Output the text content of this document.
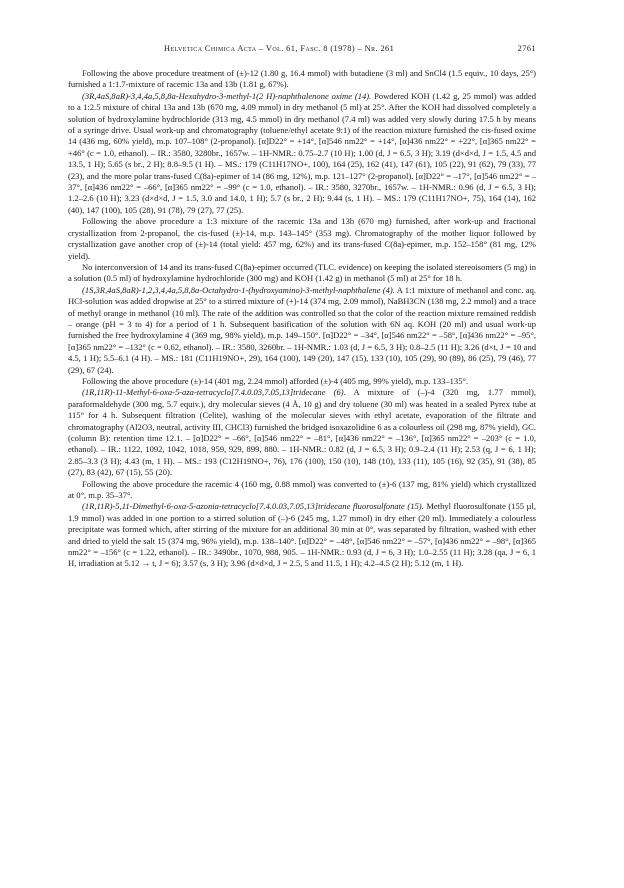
Helvetica Chimica Acta – Vol. 61, Fasc. 8 (1978) – Nr. 261	2761

Following the above procedure treatment of (±)-12 (1.80 g, 16.4 mmol) with butadiene (3 ml) and SnCl4 (1.5 equiv., 10 days, 25°) furnished a 1:1.7-mixture of racemic 13a and 13b (1.81 g, 67%).

(3R,4aS,8aR)-3,4,4a,5,8,8a-Hexahydro-3-methyl-1(2 H)-naphthalenone oxime (14). Powdered KOH (1.42 g, 25 mmol) was added to a 1:2.5 mixture of chiral 13a and 13b (670 mg, 4.09 mmol) in dry methanol (5 ml) at 25°. After the KOH had dissolved completely a solution of hydroxylamine hydrochloride (313 mg, 4.5 mmol) in dry methanol (7.4 ml) was added very slowly during 17.5 h by means of a syringe drive. Usual work-up and chromatography (toluene/ethyl acetate 9:1) of the reaction mixture furnished the cis-fused oxime 14 (436 mg, 60% yield), m.p. 107–108° (2-propanol). [α]D22° = +14°, [α]546 nm22° = +14°, [α]436 nm22° = +22°, [α]365 nm22° = +46° (c = 1.0, ethanol). – IR.: 3580, 3280br., 1657w. – 1H-NMR.: 0.75–2.7 (10 H); 1.00 (d, J = 6.5, 3 H); 3.19 (d×d×d, J = 1.5, 4.5 and 13.5, 1 H); 5.65 (s br., 2 H); 8.8–9.5 (1 H). – MS.: 179 (C11H17NO+, 100), 164 (25), 162 (41), 147 (61), 105 (22), 91 (62), 79 (33), 77 (23), and the more polar trans-fused C(8a)-epimer of 14 (86 mg, 12%), m.p. 121–127° (2-propanol). [α]D22° = –17°, [α]546 nm22° = –37°, [α]436 nm22° = –66°, [α]365 nm22° = –99° (c = 1.0, ethanol). – IR.: 3580, 3270br., 1657w. – 1H-NMR.: 0.96 (d, J = 6.5, 3 H); 1.2–2.6 (10 H); 3.23 (d×d×d, J = 1.5, 3.0 and 14.0, 1 H); 5.7 (s br., 2 H); 9.44 (s, 1 H). – MS.: 179 (C11H17NO+, 75), 164 (14), 162 (40), 147 (100), 105 (28), 91 (78), 79 (27), 77 (25).

Following the above procedure a 1:3 mixture of the racemic 13a and 13b (670 mg) furnished, after work-up and fractional crystallization from 2-propanol, the cis-fused (±)-14, m.p. 143–145° (353 mg). Chromatography of the mother liquor followed by crystallization gave another crop of (±)-14 (total yield: 457 mg, 62%) and its trans-fused C(8a)-epimer, m.p. 152–158° (81 mg, 12% yield).

No interconversion of 14 and its trans-fused C(8a)-epimer occurred (TLC. evidence) on keeping the isolated stereoisomers (5 mg) in a solution (0.5 ml) of hydroxylamine hydrochloride (300 mg) and KOH (1.42 g) in methanol (5 ml) at 25° for 18 h.

(1S,3R,4aS,8aR)-1,2,3,4,4a,5,8,8a-Octahydro-1-(hydroxyamino)-3-methyl-naphthalene (4). A 1:1 mixture of methanol and conc. aq. HCl-solution was added dropwise at 25° to a stirred mixture of (+)-14 (374 mg, 2.09 mmol), NaBH3CN (138 mg, 2.2 mmol) and a trace of methyl orange in methanol (10 ml). The rate of the addition was controlled so that the color of the reaction mixture remained reddish – orange (pH = 3 to 4) for a period of 1 h. Subsequent basification of the solution with 6N aq. KOH (20 ml) and usual work-up furnished the free hydroxylamine 4 (369 mg, 98% yield), m.p. 149–150°. [α]D22° = –34°, [α]546 nm22° = –58°, [α]436 nm22° = –95°, [α]365 nm22° = –132° (c = 0.62, ethanol). – IR.: 3580, 3260br. – 1H-NMR.: 1.03 (d, J = 6.5, 3 H); 0.8–2.5 (11 H); 3.26 (d×t, J = 10 and 4.5, 1 H); 5.5–6.1 (4 H). – MS.: 181 (C11H19NO+, 29), 164 (100), 149 (20), 147 (15), 133 (10), 105 (29), 90 (89), 86 (25), 79 (46), 77 (29), 67 (24).

Following the above procedure (±)-14 (401 mg, 2.24 mmol) afforded (±)-4 (405 mg, 99% yield), m.p. 133–135°.

(1R,11R)-11-Methyl-6-oxa-5-aza-tetracyclo[7.4.0.03,7.05,13]tridecane (6). A mixture of (–)-4 (320 mg, 1.77 mmol), paraformaldehyde (300 mg, 5.7 equiv.), dry molecular sieves (4 Å, 10 g) and dry toluene (30 ml) was heated in a sealed Pyrex tube at 115° for 4 h. Subsequent filtration (Celite), washing of the molecular sieves with ethyl acetate, evaporation of the filtrate and chromatography (Al2O3, neutral, activity III, CHCl3) furnished the bridged isoxazolidine 6 as a colourless oil (298 mg, 87% yield), GC. (column B): retention time 12.1. – [α]D22° = –66°, [α]546 nm22° = –81°, [α]436 nm22° = –136°, [α]365 nm22° = –203° (c = 1.0, ethanol). – IR.: 1122, 1092, 1042, 1018, 959, 929, 899, 880. – 1H-NMR.: 0.82 (d, J = 6.5, 3 H); 0.9–2.4 (11 H); 2.53 (q, J = 6, 1 H); 2.85–3.3 (3 H); 4.43 (m, 1 H). – MS.: 193 (C12H19NO+, 76), 176 (100), 150 (10), 148 (10), 133 (11), 105 (16), 92 (35), 91 (38), 85 (27), 83 (42), 67 (15), 55 (20).

Following the above procedure the racemic 4 (160 mg, 0.88 mmol) was converted to (±)-6 (137 mg, 81% yield) which crystallized at 0°, m.p. 35–37°.

(1R,11R)-5,11-Dimethyl-6-oxa-5-azonia-tetracyclo[7.4.0.03,7.05,13]tridecane fluorosulfonate (15). Methyl fluorosulfonate (155 µl, 1.9 mmol) was added in one portion to a stirred solution of (–)-6 (245 mg, 1.27 mmol) in dry ether (20 ml). Immediately a colourless precipitate was formed which, after stirring of the mixture for an additional 30 min at 0°, was separated by filtration, washed with ether and dried to yield the salt 15 (374 mg, 96% yield), m.p. 138–140°. [α]D22° = –48°, [α]546 nm22° = –57°, [α]436 nm22° = –98°, [α]365 nm22° = –156° (c = 1.22, ethanol). – IR.: 3490br., 1070, 988, 905. – 1H-NMR.: 0.93 (d, J = 6, 3 H); 1.0–2.55 (11 H); 3.28 (qa, J = 6, 1 H, irradiation at 5.12 → t, J = 6); 3.57 (s, 3 H); 3.96 (d×d×d, J = 2.5, 5 and 11.5, 1 H); 4.2–4.5 (2 H); 5.12 (m, 1 H).
